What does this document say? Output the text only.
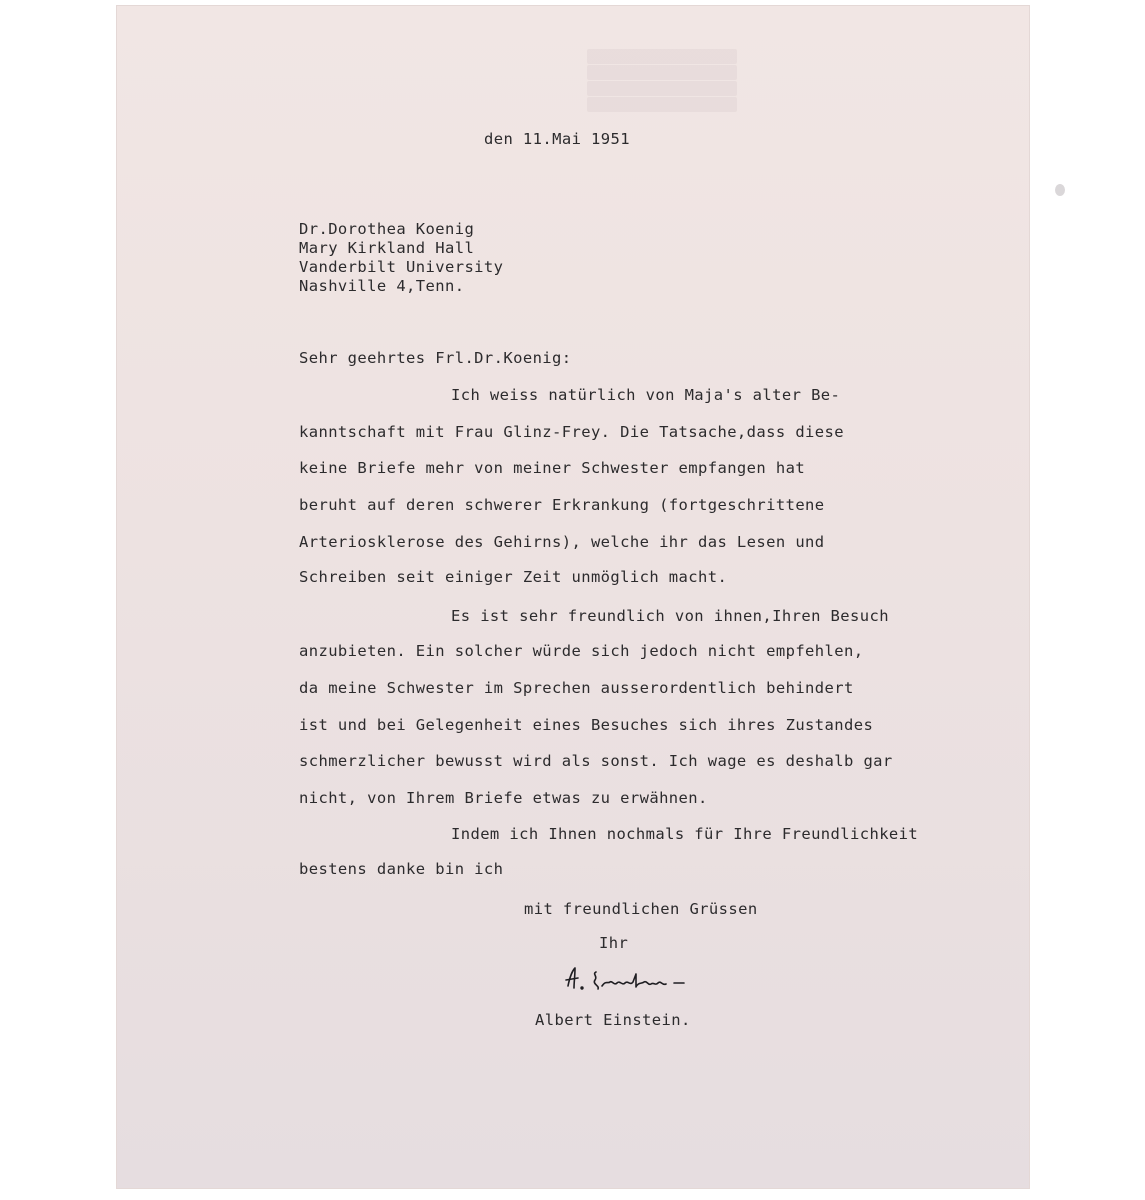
den 11.Mai 1951
Dr.Dorothea Koenig
Mary Kirkland Hall
Vanderbilt University
Nashville 4,Tenn.
Sehr geehrtes Frl.Dr.Koenig:
Ich weiss natürlich von Maja's alter Be-
kanntschaft mit Frau Glinz-Frey. Die Tatsache,dass diese
keine Briefe mehr von meiner Schwester empfangen hat
beruht auf deren schwerer Erkrankung (fortgeschrittene
Arteriosklerose des Gehirns), welche ihr das Lesen und
Schreiben seit einiger Zeit unmöglich macht.
Es ist sehr freundlich von ihnen,Ihren Besuch
anzubieten. Ein solcher würde sich jedoch nicht empfehlen,
da meine Schwester im Sprechen ausserordentlich behindert
ist und bei Gelegenheit eines Besuches sich ihres Zustandes
schmerzlicher bewusst wird als sonst. Ich wage es deshalb gar
nicht, von Ihrem Briefe etwas zu erwähnen.
Indem ich Ihnen nochmals für Ihre Freundlichkeit
bestens danke bin ich
mit freundlichen Grüssen
Ihr
Albert Einstein.
